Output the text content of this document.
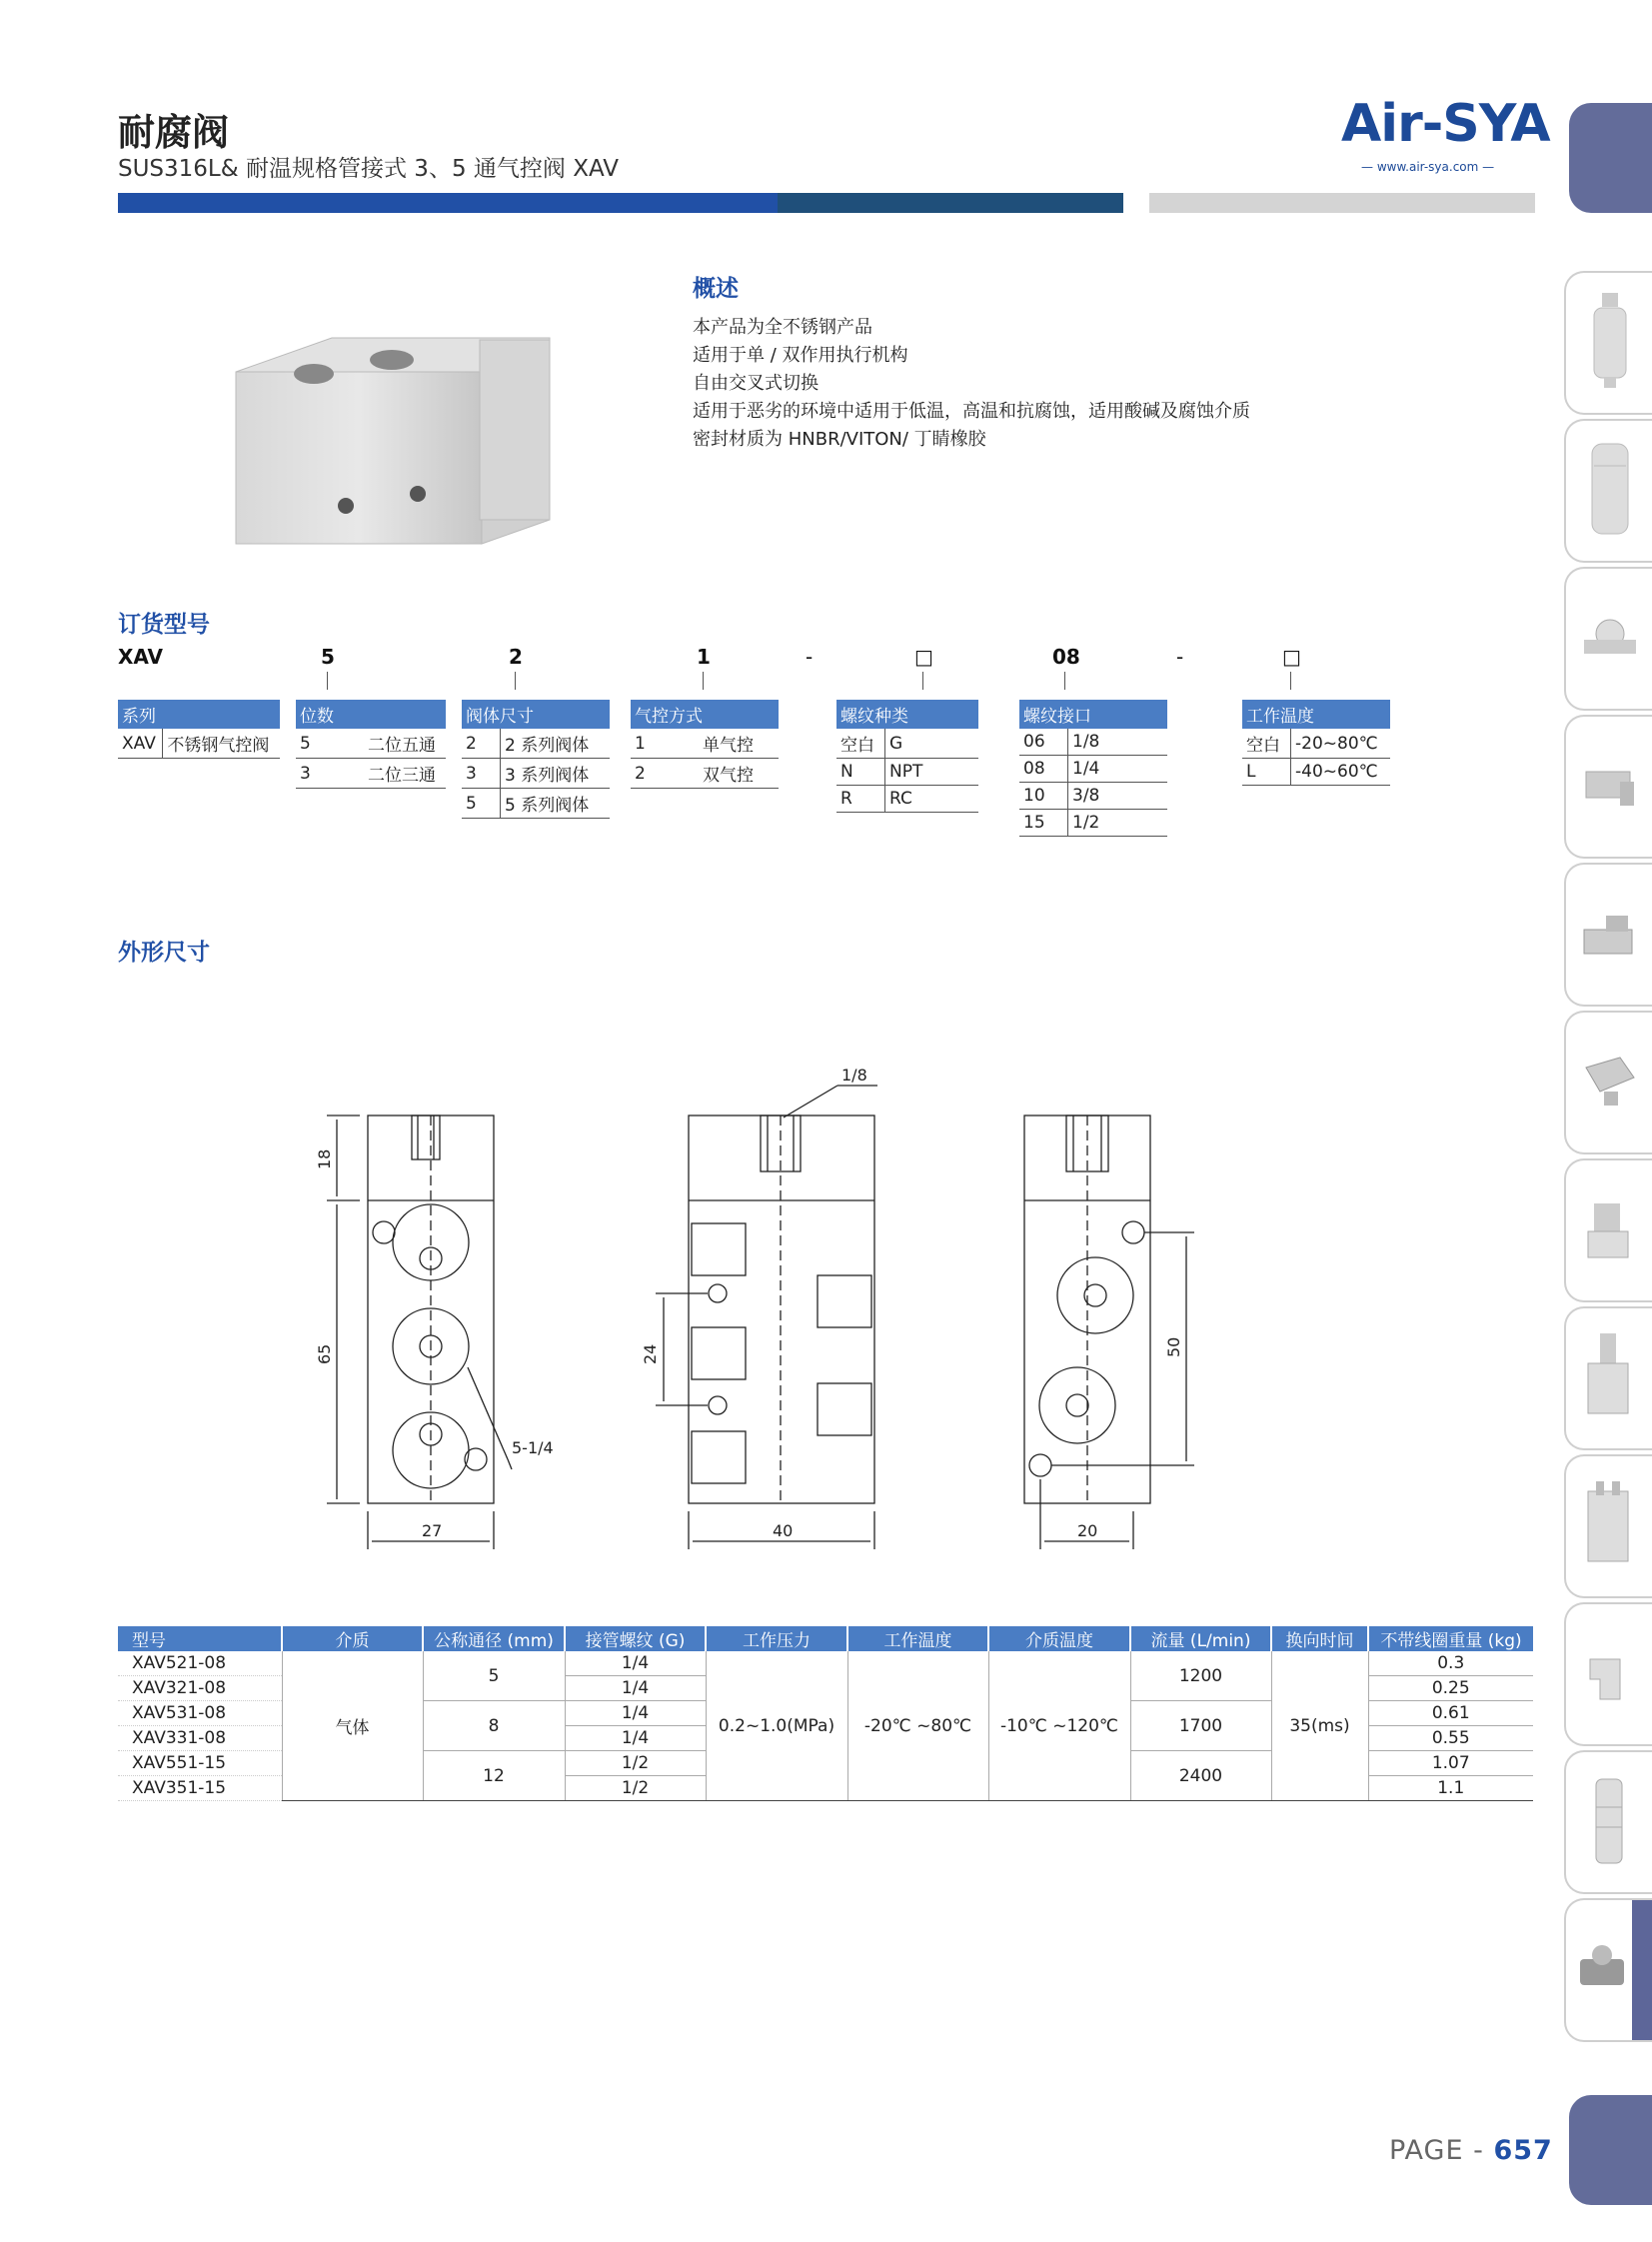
耐腐阀
SUS316L& 耐温规格管接式 3、5 通气控阀 XAV
Air-SYA
— www.air-sya.com —
概述
本产品为全不锈钢产品
适用于单 / 双作用执行机构
自由交叉式切换
适用于恶劣的环境中适用于低温，高温和抗腐蚀，适用酸碱及腐蚀介质
密封材质为 HNBR/VITON/ 丁睛橡胶
订货型号
XAV	5	2	1	-	□	08	-	□
系列
XAV	不锈钢气控阀
位数	
5	二位五通
3	二位三通
阀体尺寸	
2	2 系列阀体
3	3 系列阀体
5	5 系列阀体
气控方式	
1	单气控
2	双气控
螺纹种类	
空白	G
N	NPT
R	RC
螺纹接口	
06	1/8
08	1/4
10	3/8
15	1/2
工作温度	
空白	-20~80℃
L	-40~60℃
外形尺寸
18
65
27
5-1/4
24
40
1/8
50
20
型号	介质	公称通径 (mm)	接管螺纹 (G)	工作压力	工作温度	介质温度	流量 (L/min)	换向时间	不带线圈重量 (kg)
XAV521-08	气体	5	1/4	0.2~1.0(MPa)	-20℃ ~80℃	-10℃ ~120℃	1200	35(ms)	0.3
XAV321-08			1/4						0.25
XAV531-08		8	1/4				1700		0.61
XAV331-08			1/4						0.55
XAV551-15		12	1/2				2400		1.07
XAV351-15			1/2						1.1
PAGE - 657
